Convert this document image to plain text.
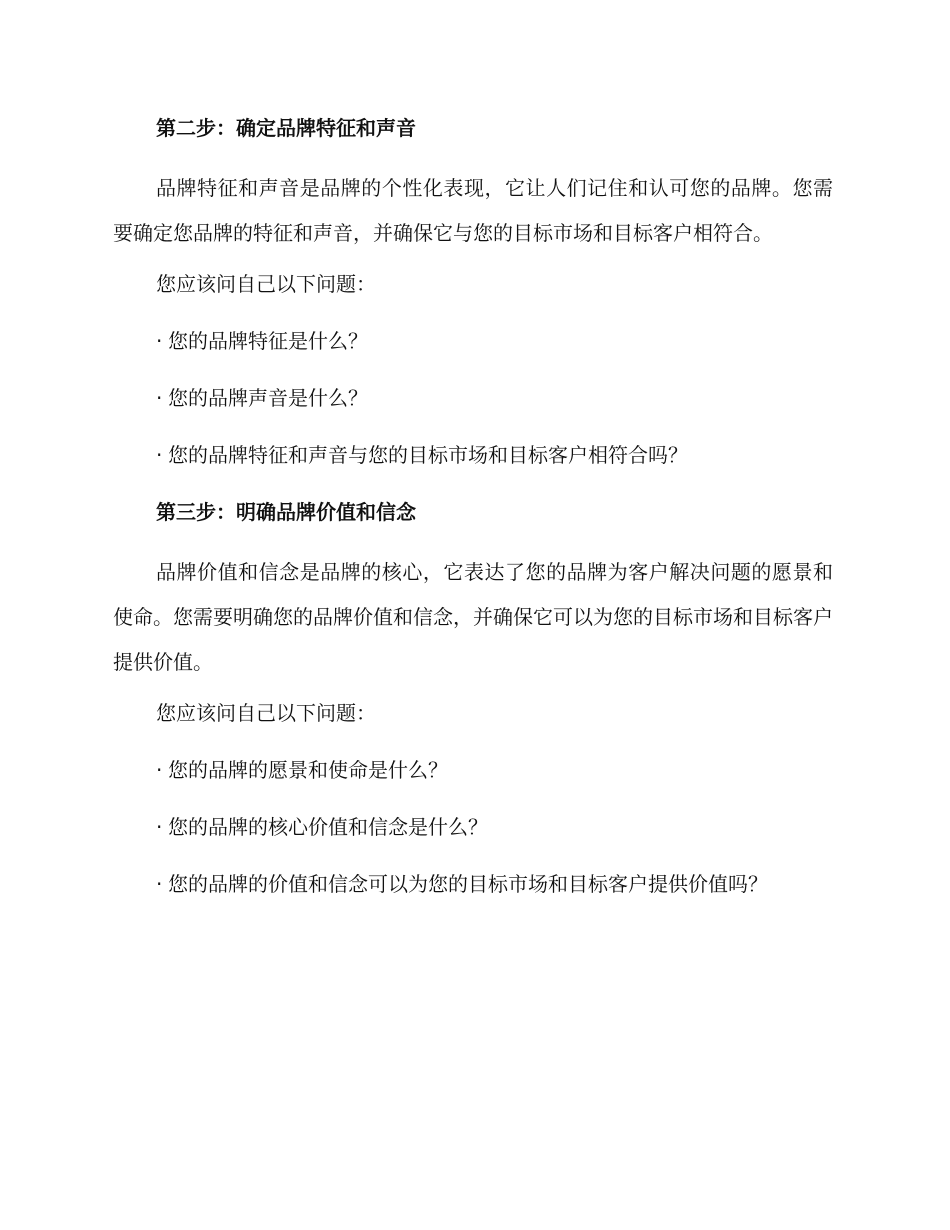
第二步：确定品牌特征和声音
品牌特征和声音是品牌的个性化表现，它让人们记住和认可您的品牌。您需要确定您品牌的特征和声音，并确保它与您的目标市场和目标客户相符合。
您应该问自己以下问题：
· 您的品牌特征是什么？
· 您的品牌声音是什么？
· 您的品牌特征和声音与您的目标市场和目标客户相符合吗？
第三步：明确品牌价值和信念
品牌价值和信念是品牌的核心，它表达了您的品牌为客户解决问题的愿景和使命。您需要明确您的品牌价值和信念，并确保它可以为您的目标市场和目标客户提供价值。
您应该问自己以下问题：
· 您的品牌的愿景和使命是什么？
· 您的品牌的核心价值和信念是什么？
· 您的品牌的价值和信念可以为您的目标市场和目标客户提供价值吗？
